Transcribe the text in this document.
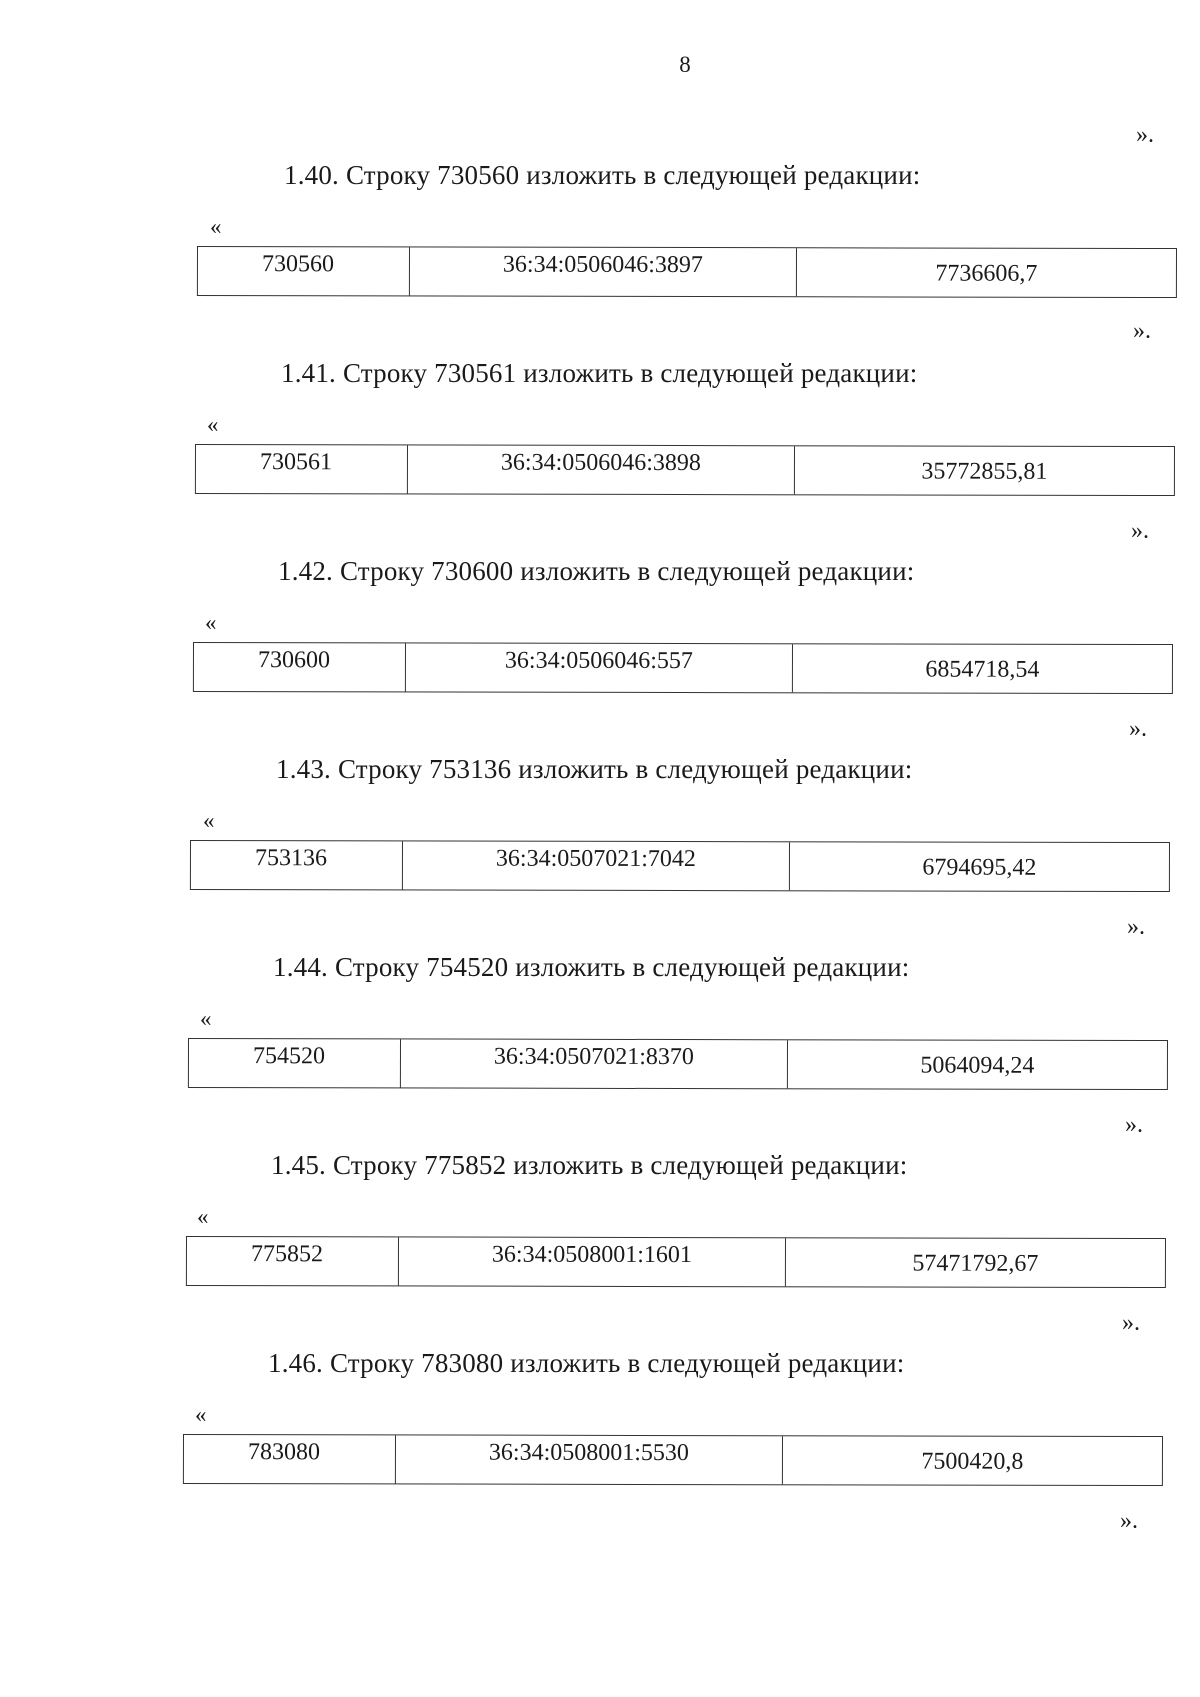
8
».
1.40. Строку 730560 изложить в следующей редакции:
«
730560	36:34:0506046:3897	7736606,7
».
1.41. Строку 730561 изложить в следующей редакции:
«
730561	36:34:0506046:3898	35772855,81
».
1.42. Строку 730600 изложить в следующей редакции:
«
730600	36:34:0506046:557	6854718,54
».
1.43. Строку 753136 изложить в следующей редакции:
«
753136	36:34:0507021:7042	6794695,42
».
1.44. Строку 754520 изложить в следующей редакции:
«
754520	36:34:0507021:8370	5064094,24
».
1.45. Строку 775852 изложить в следующей редакции:
«
775852	36:34:0508001:1601	57471792,67
».
1.46. Строку 783080 изложить в следующей редакции:
«
783080	36:34:0508001:5530	7500420,8
».
